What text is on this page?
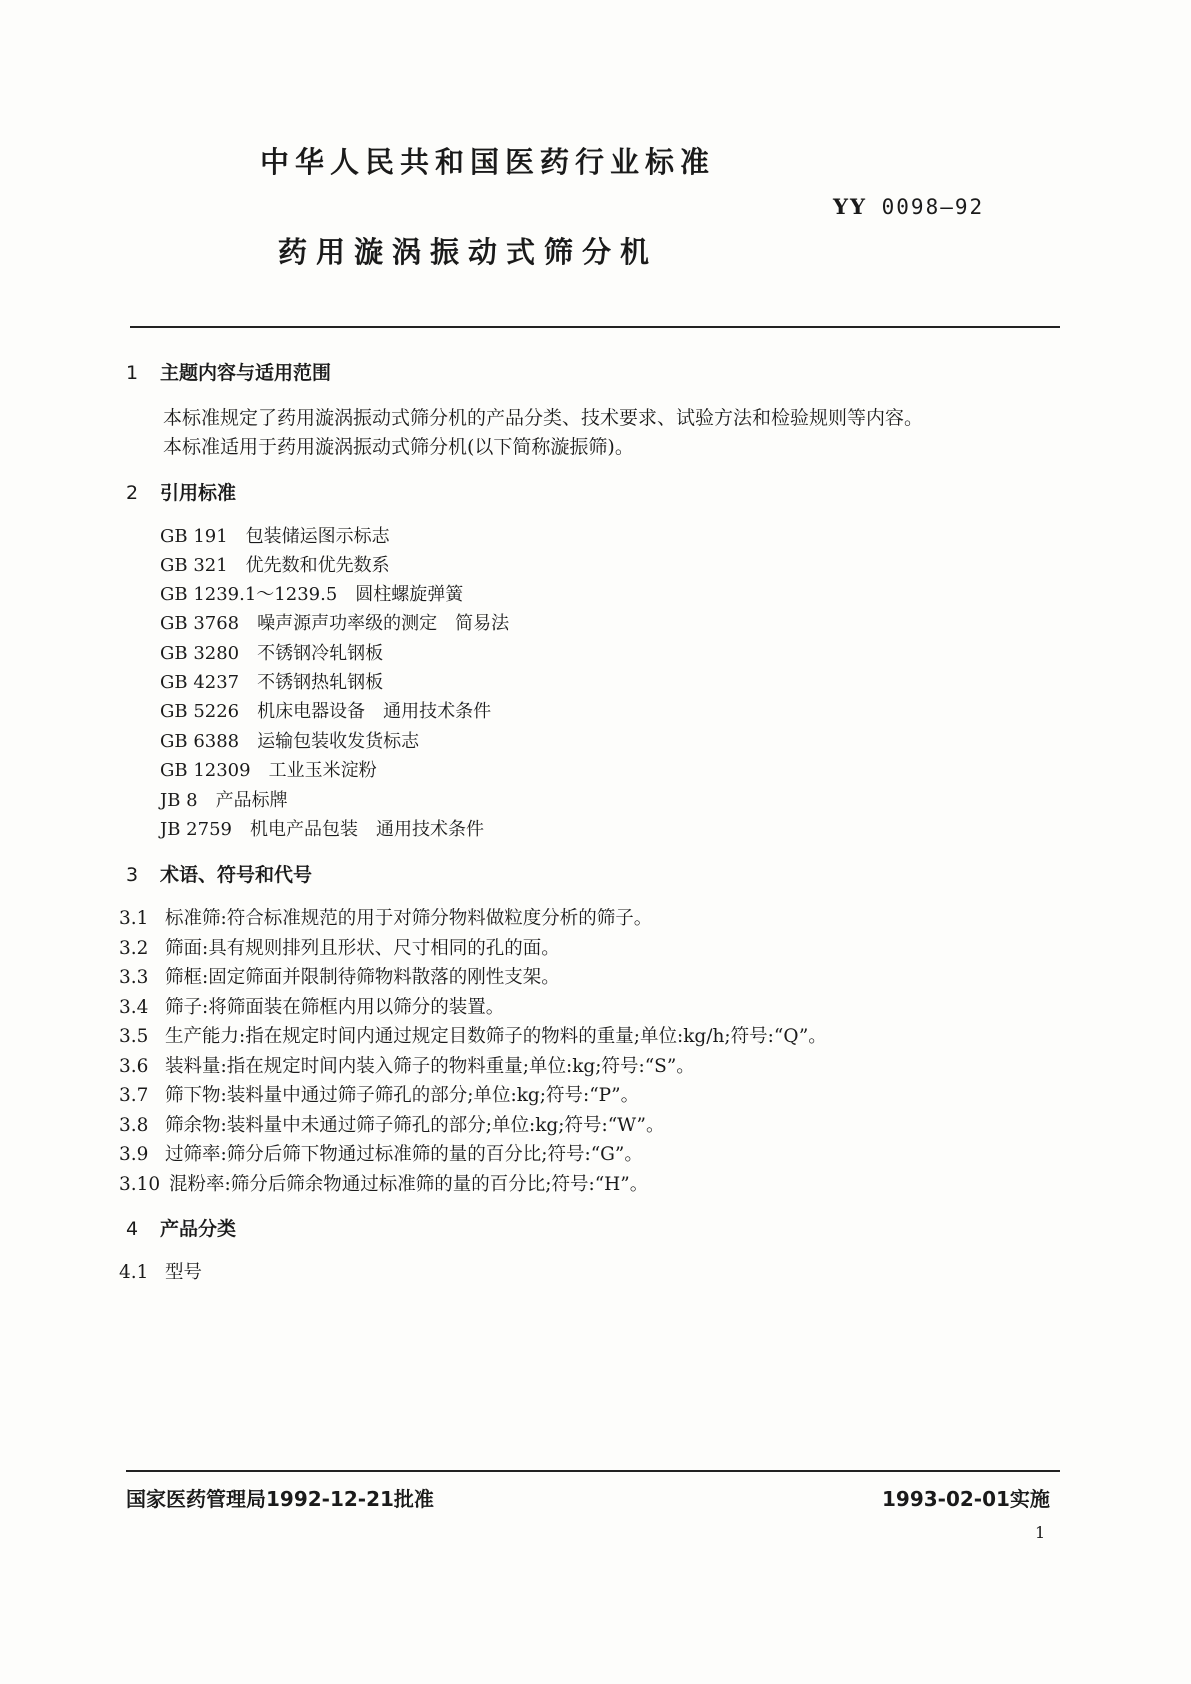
中华人民共和国医药行业标准
YY 0098—92
药用漩涡振动式筛分机
1 主题内容与适用范围
本标准规定了药用漩涡振动式筛分机的产品分类、技术要求、试验方法和检验规则等内容。
本标准适用于药用漩涡振动式筛分机(以下简称漩振筛)。
2 引用标准
GB 191　包装储运图示标志
GB 321　优先数和优先数系
GB 1239.1～1239.5　圆柱螺旋弹簧
GB 3768　噪声源声功率级的测定　简易法
GB 3280　不锈钢冷轧钢板
GB 4237　不锈钢热轧钢板
GB 5226　机床电器设备　通用技术条件
GB 6388　运输包装收发货标志
GB 12309　工业玉米淀粉
JB 8　产品标牌
JB 2759　机电产品包装　通用技术条件
3 术语、符号和代号
3.1 标准筛:符合标准规范的用于对筛分物料做粒度分析的筛子。
3.2 筛面:具有规则排列且形状、尺寸相同的孔的面。
3.3 筛框:固定筛面并限制待筛物料散落的刚性支架。
3.4 筛子:将筛面装在筛框内用以筛分的装置。
3.5 生产能力:指在规定时间内通过规定目数筛子的物料的重量;单位:kg/h;符号:“Q”。
3.6 装料量:指在规定时间内装入筛子的物料重量;单位:kg;符号:“S”。
3.7 筛下物:装料量中通过筛子筛孔的部分;单位:kg;符号:“P”。
3.8 筛余物:装料量中未通过筛子筛孔的部分;单位:kg;符号:“W”。
3.9 过筛率:筛分后筛下物通过标准筛的量的百分比;符号:“G”。
3.10 混粉率:筛分后筛余物通过标准筛的量的百分比;符号:“H”。
4 产品分类
4.1 型号
国家医药管理局1992-12-21批准	1993-02-01实施
1
